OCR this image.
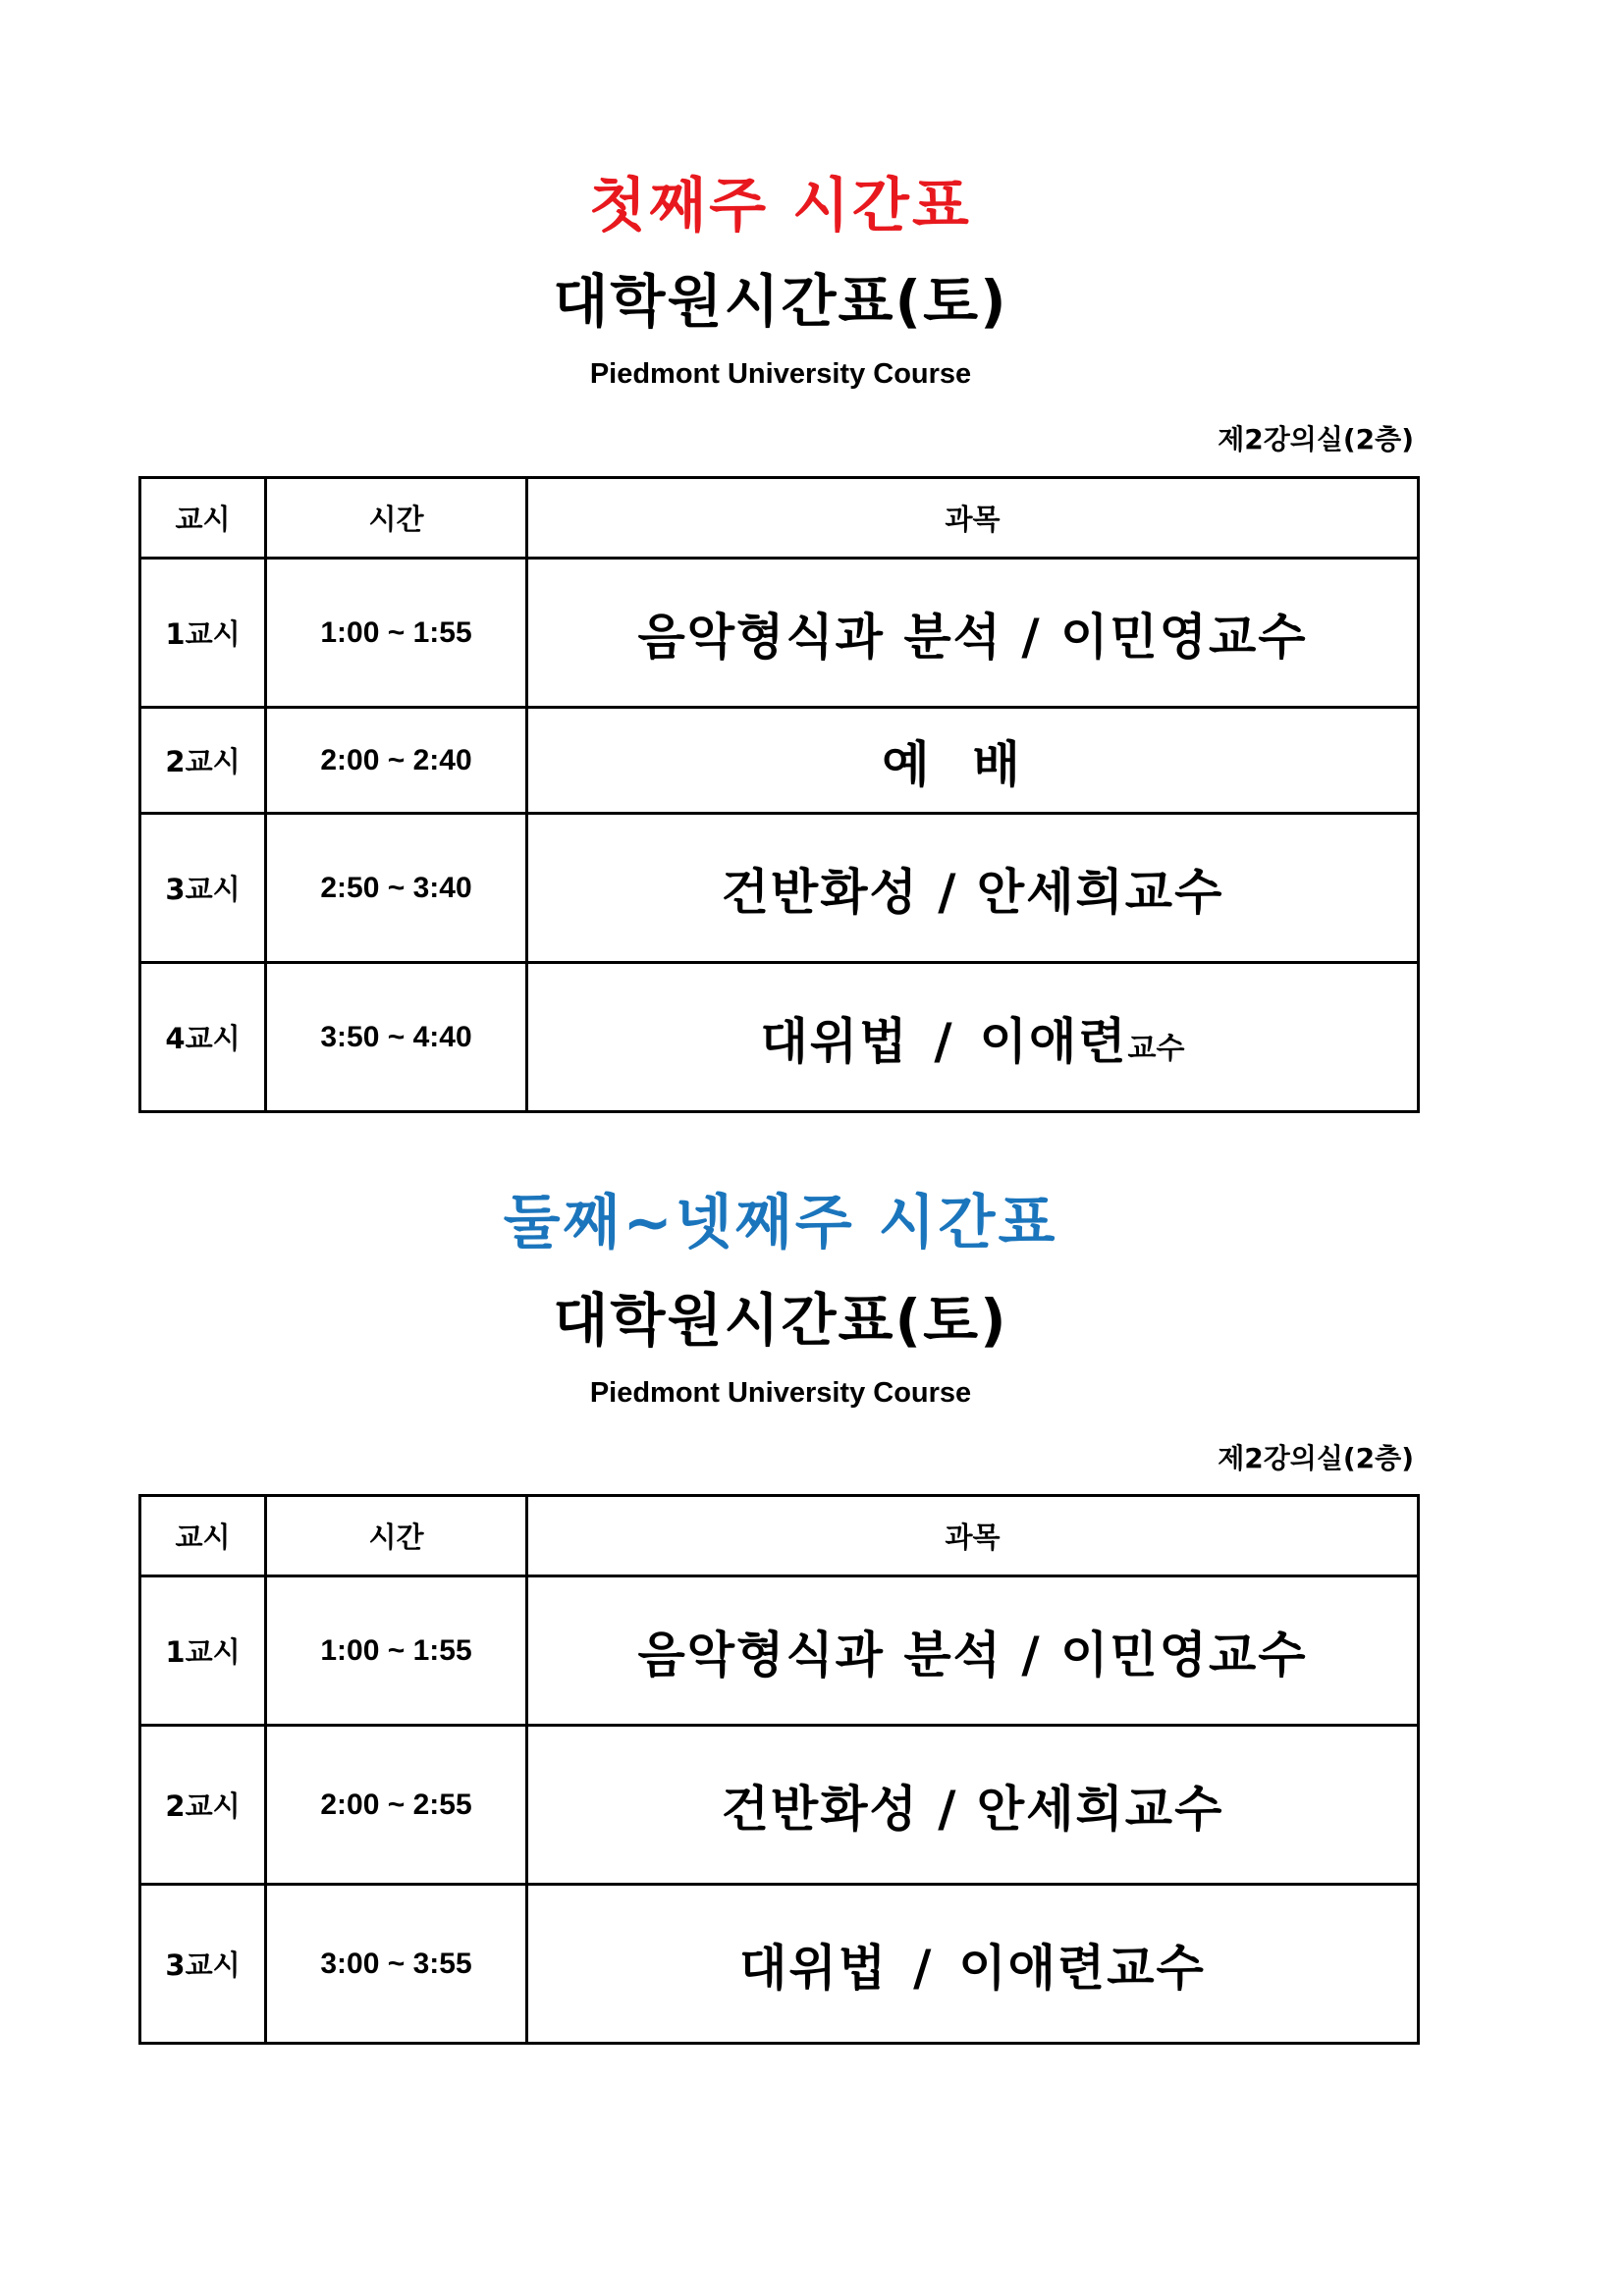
첫째주 시간표
대학원시간표(토)
Piedmont University Course
제2강의실(2층)
교시	시간	과목
1교시	1:00 ~ 1:55	음악형식과 분석 / 이민영교수
2교시	2:00 ~ 2:40	예배
3교시	2:50 ~ 3:40	건반화성 / 안세희교수
4교시	3:50 ~ 4:40	대위법 / 이애련교수
둘째~넷째주 시간표
대학원시간표(토)
Piedmont University Course
제2강의실(2층)
교시	시간	과목
1교시	1:00 ~ 1:55	음악형식과 분석 / 이민영교수
2교시	2:00 ~ 2:55	건반화성 / 안세희교수
3교시	3:00 ~ 3:55	대위법 / 이애련교수
